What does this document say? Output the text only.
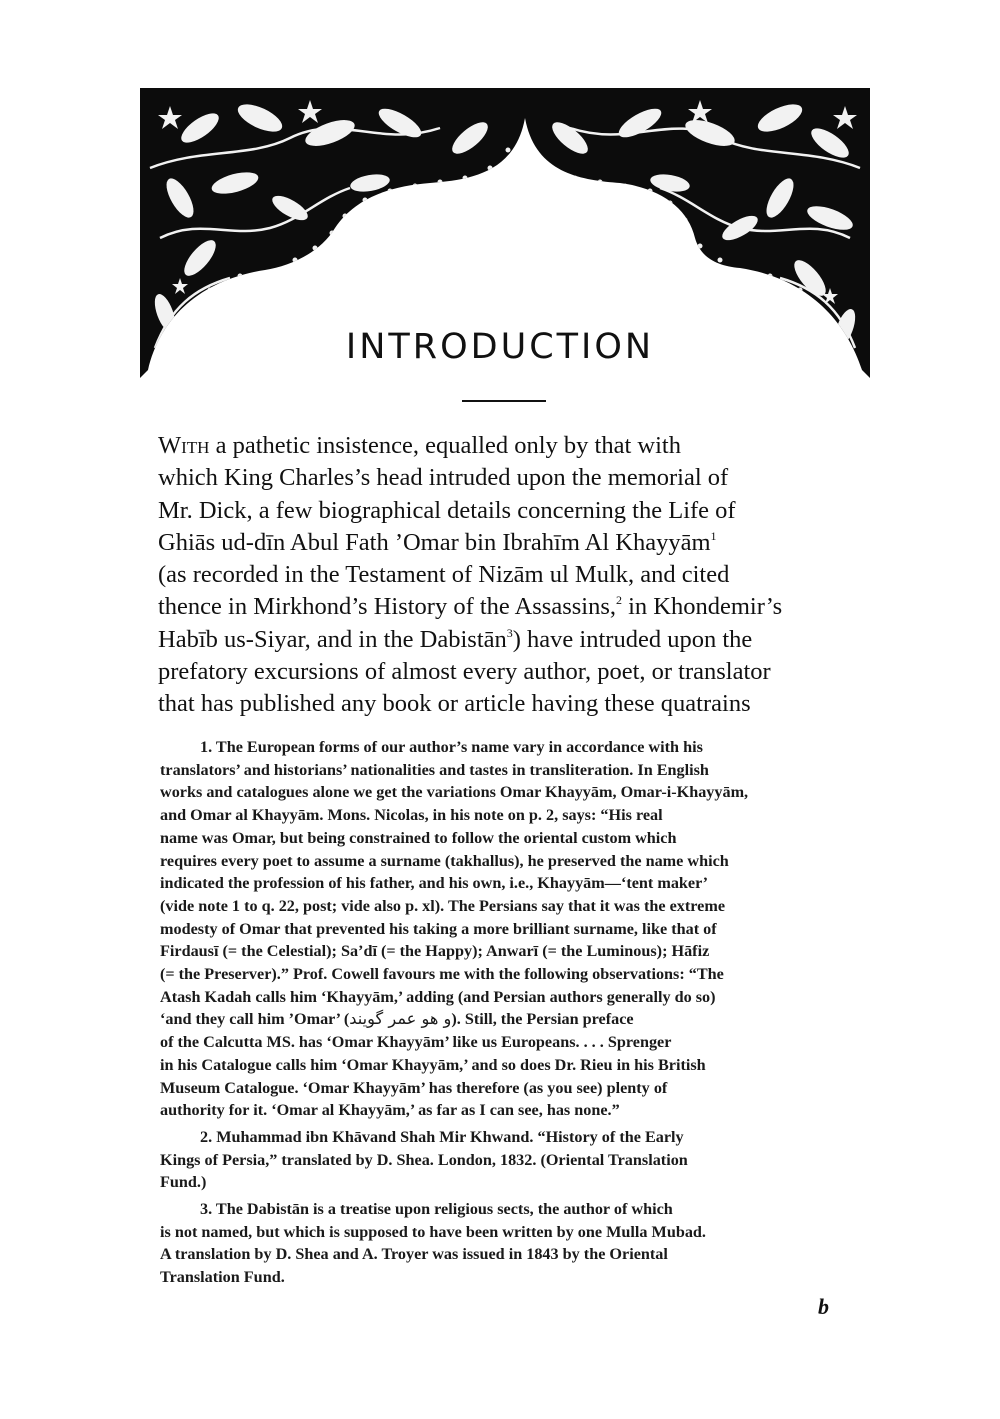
INTRODUCTION
With a pathetic insistence, equalled only by that with
which King Charles’s head intruded upon the memorial of
Mr. Dick, a few biographical details concerning the Life of
Ghiās ud-dīn Abul Fath ’Omar bin Ibrahīm Al Khayyām$^1$
(as recorded in the Testament of Nizām ul Mulk, and cited
thence in Mirkhond’s History of the Assassins,$^2$ in Khondemir’s
Habīb us-Siyar, and in the Dabistān$^3$) have intruded upon the
prefatory excursions of almost every author, poet, or translator
that has published any book or article having these quatrains
1. The European forms of our author’s name vary in accordance with his
translators’ and historians’ nationalities and tastes in transliteration. In English
works and catalogues alone we get the variations Omar Khayyām, Omar-i-Khayyām,
and Omar al Khayyām. Mons. Nicolas, in his note on p. 2, says: “His real
name was Omar, but being constrained to follow the oriental custom which
requires every poet to assume a surname (takhallus), he preserved the name which
indicated the profession of his father, and his own, i.e., Khayyām—‘tent maker’
(vide note 1 to q. 22, post; vide also p. xl). The Persians say that it was the extreme
modesty of Omar that prevented his taking a more brilliant surname, like that of
Firdausī (= the Celestial); Sa’dī (= the Happy); Anwarī (= the Luminous); Hāfiz
(= the Preserver).” Prof. Cowell favours me with the following observations: “The
Atash Kadah calls him ‘Khayyām,’ adding (and Persian authors generally do so)
‘and they call him ’Omar’ (و هو عمر گويند). Still, the Persian preface
of the Calcutta MS. has ‘Omar Khayyām’ like us Europeans. . . . Sprenger
in his Catalogue calls him ‘Omar Khayyām,’ and so does Dr. Rieu in his British
Museum Catalogue. ‘Omar Khayyām’ has therefore (as you see) plenty of
authority for it. ‘Omar al Khayyām,’ as far as I can see, has none.”
2. Muhammad ibn Khāvand Shah Mir Khwand. “History of the Early
Kings of Persia,” translated by D. Shea. London, 1832. (Oriental Translation
Fund.)
3. The Dabistān is a treatise upon religious sects, the author of which
is not named, but which is supposed to have been written by one Mulla Mubad.
A translation by D. Shea and A. Troyer was issued in 1843 by the Oriental
Translation Fund.
b
